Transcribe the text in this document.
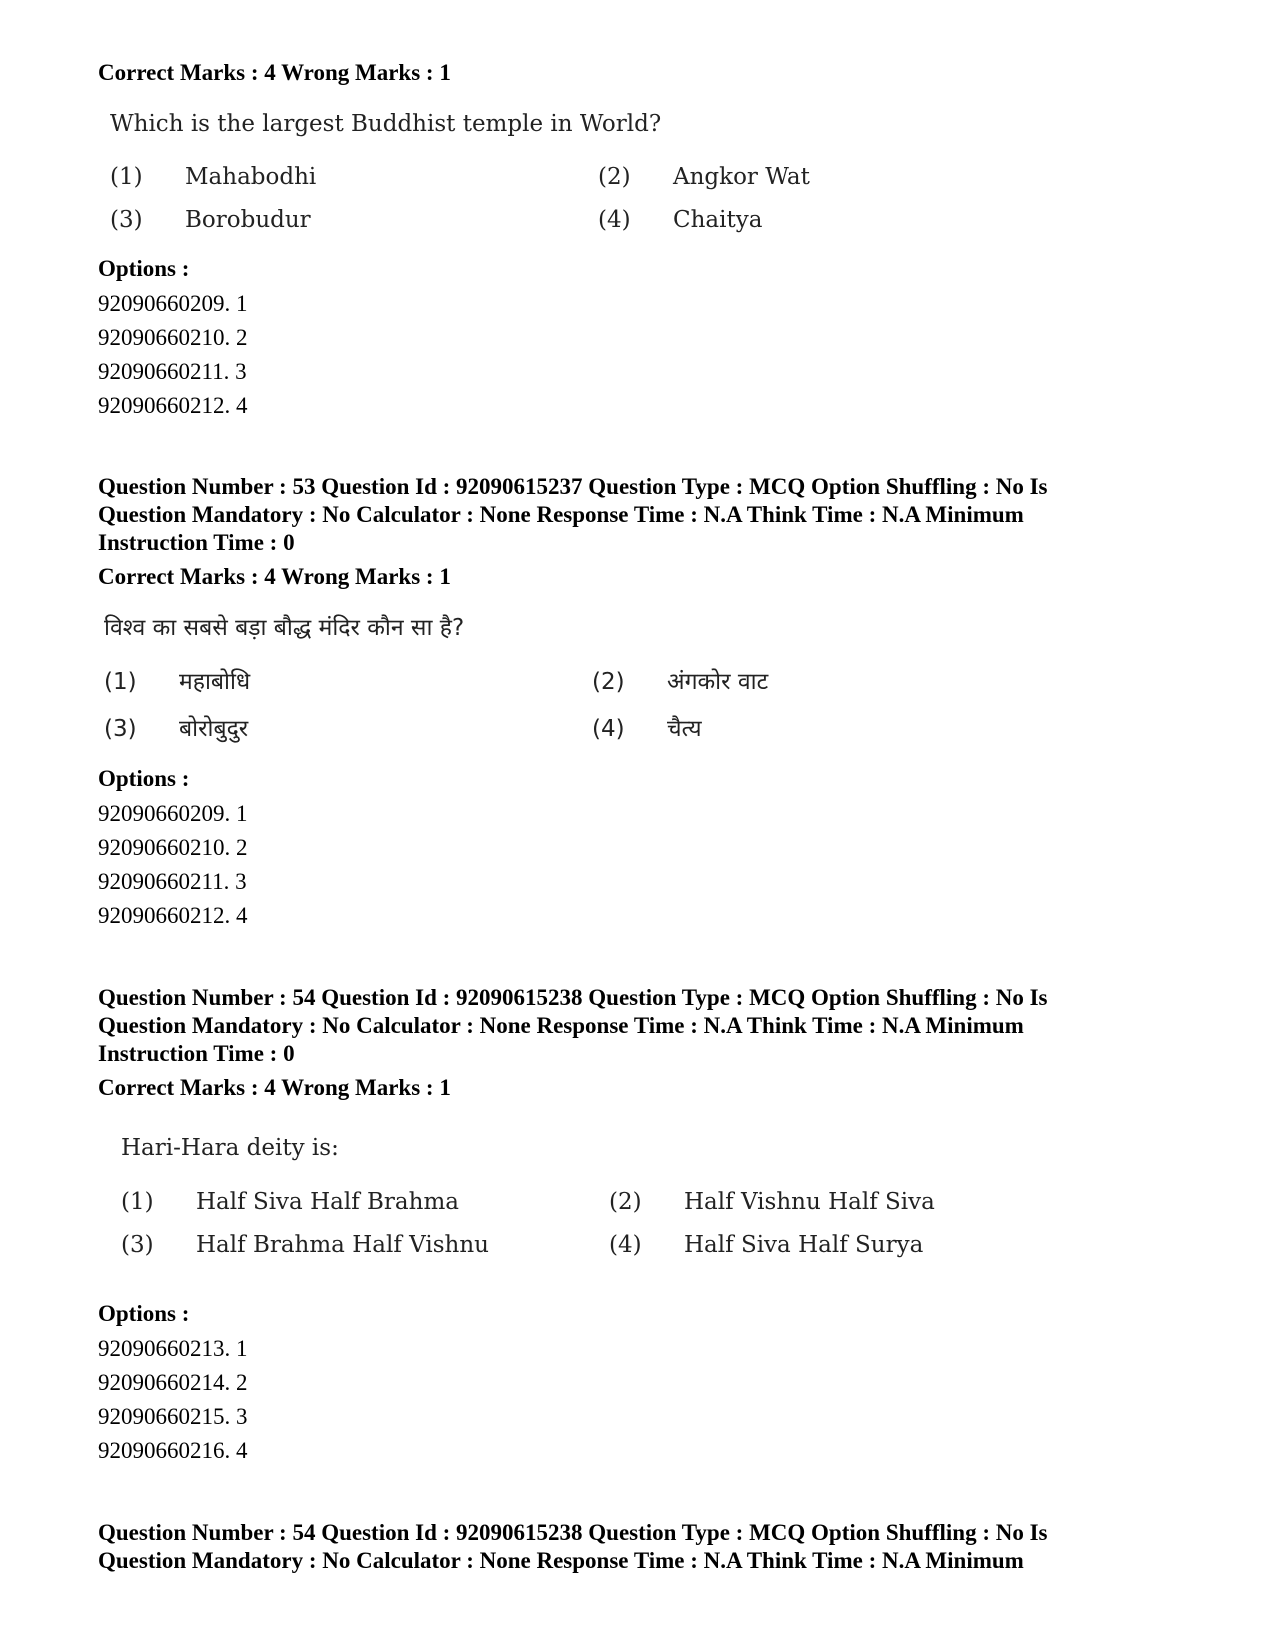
Correct Marks : 4 Wrong Marks : 1
Which is the largest Buddhist temple in World?
(1) Mahabodhi	(2) Angkor Wat
(3) Borobudur	(4) Chaitya
Options :
92090660209. 1
92090660210. 2
92090660211. 3
92090660212. 4
Question Number : 53 Question Id : 92090615237 Question Type : MCQ Option Shuffling : No Is
Question Mandatory : No Calculator : None Response Time : N.A Think Time : N.A Minimum
Instruction Time : 0
Correct Marks : 4 Wrong Marks : 1
विश्व का सबसे बड़ा बौद्ध मंदिर कौन सा है?
(1) महाबोधि	(2) अंगकोर वाट
(3) बोरोबुदुर	(4) चैत्य
Options :
92090660209. 1
92090660210. 2
92090660211. 3
92090660212. 4
Question Number : 54 Question Id : 92090615238 Question Type : MCQ Option Shuffling : No Is
Question Mandatory : No Calculator : None Response Time : N.A Think Time : N.A Minimum
Instruction Time : 0
Correct Marks : 4 Wrong Marks : 1
Hari-Hara deity is:
(1) Half Siva Half Brahma	(2) Half Vishnu Half Siva
(3) Half Brahma Half Vishnu	(4) Half Siva Half Surya
Options :
92090660213. 1
92090660214. 2
92090660215. 3
92090660216. 4
Question Number : 54 Question Id : 92090615238 Question Type : MCQ Option Shuffling : No Is
Question Mandatory : No Calculator : None Response Time : N.A Think Time : N.A Minimum
